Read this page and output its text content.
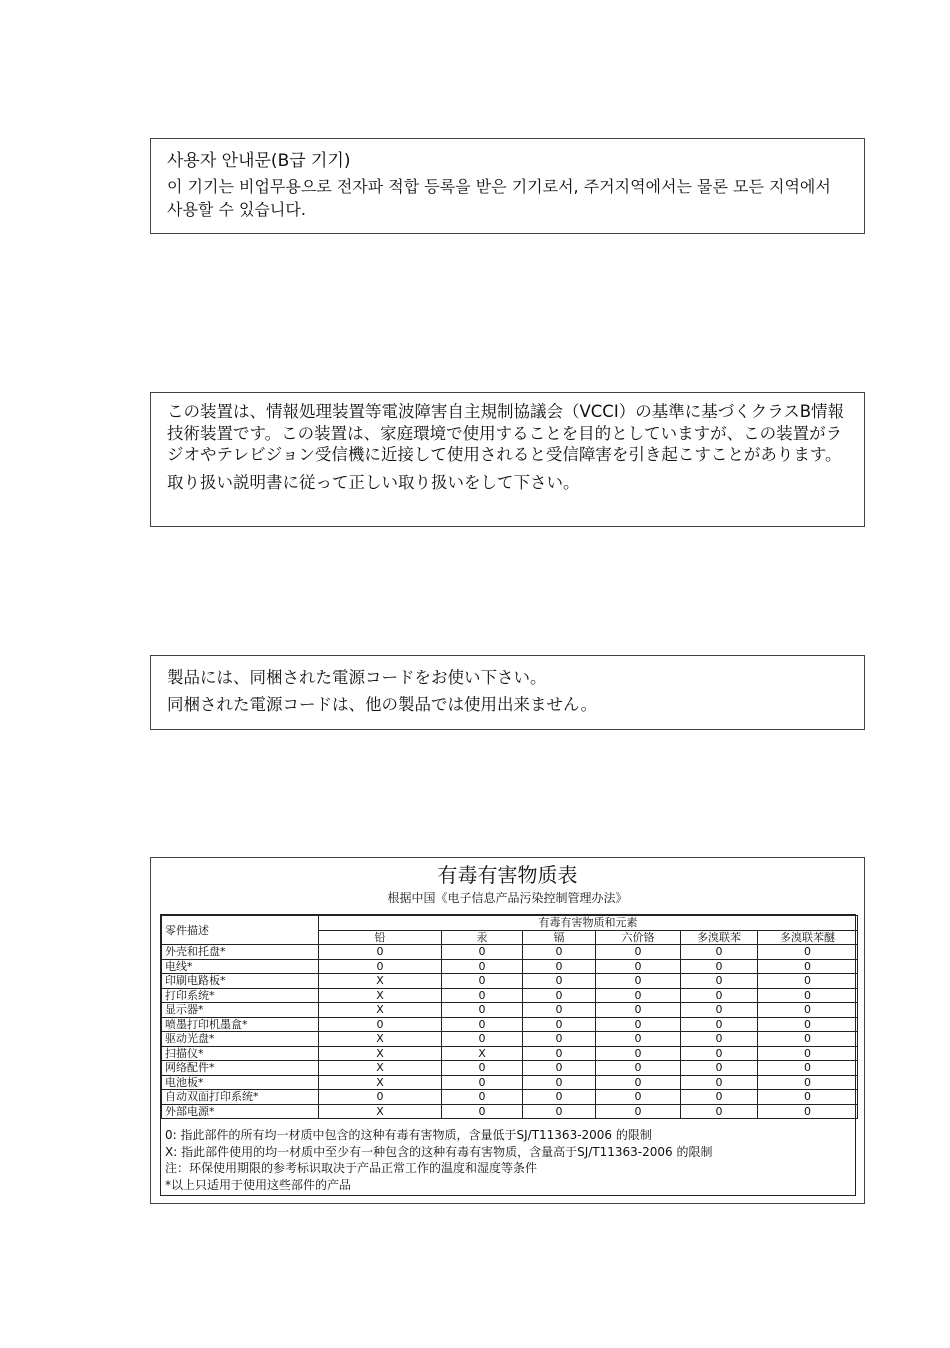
사용자 안내문(B급 기기)
이 기기는 비업무용으로 전자파 적합 등록을 받은 기기로서, 주거지역에서는 물론 모든 지역에서 사용할 수 있습니다.
この装置は、情報処理装置等電波障害自主規制協議会（VCCI）の基準に基づくクラスB情報技術装置です。この装置は、家庭環境で使用することを目的としていますが、この装置がラジオやテレビジョン受信機に近接して使用されると受信障害を引き起こすことがあります。
取り扱い説明書に従って正しい取り扱いをして下さい。

製品には、同梱された電源コードをお使い下さい。

同梱された電源コードは、他の製品では使用出来ません。

有毒有害物质表
根据中国《电子信息产品污染控制管理办法》
零件描述	有毒有害物质和元素					
	铅	汞	镉	六价铬	多溴联苯	多溴联苯醚
外壳和托盘*	0	0	0	0	0	0
电线*	0	0	0	0	0	0
印刷电路板*	X	0	0	0	0	0
打印系统*	X	0	0	0	0	0
显示器*	X	0	0	0	0	0
喷墨打印机墨盒*	0	0	0	0	0	0
驱动光盘*	X	0	0	0	0	0
扫描仪*	X	X	0	0	0	0
网络配件*	X	0	0	0	0	0
电池板*	X	0	0	0	0	0
自动双面打印系统*	0	0	0	0	0	0
外部电源*	X	0	0	0	0	0
0: 指此部件的所有均一材质中包含的这种有毒有害物质，含量低于SJ/T11363-2006 的限制
X: 指此部件使用的均一材质中至少有一种包含的这种有毒有害物质，含量高于SJ/T11363-2006 的限制
注：环保使用期限的参考标识取决于产品正常工作的温度和湿度等条件
*以上只适用于使用这些部件的产品
